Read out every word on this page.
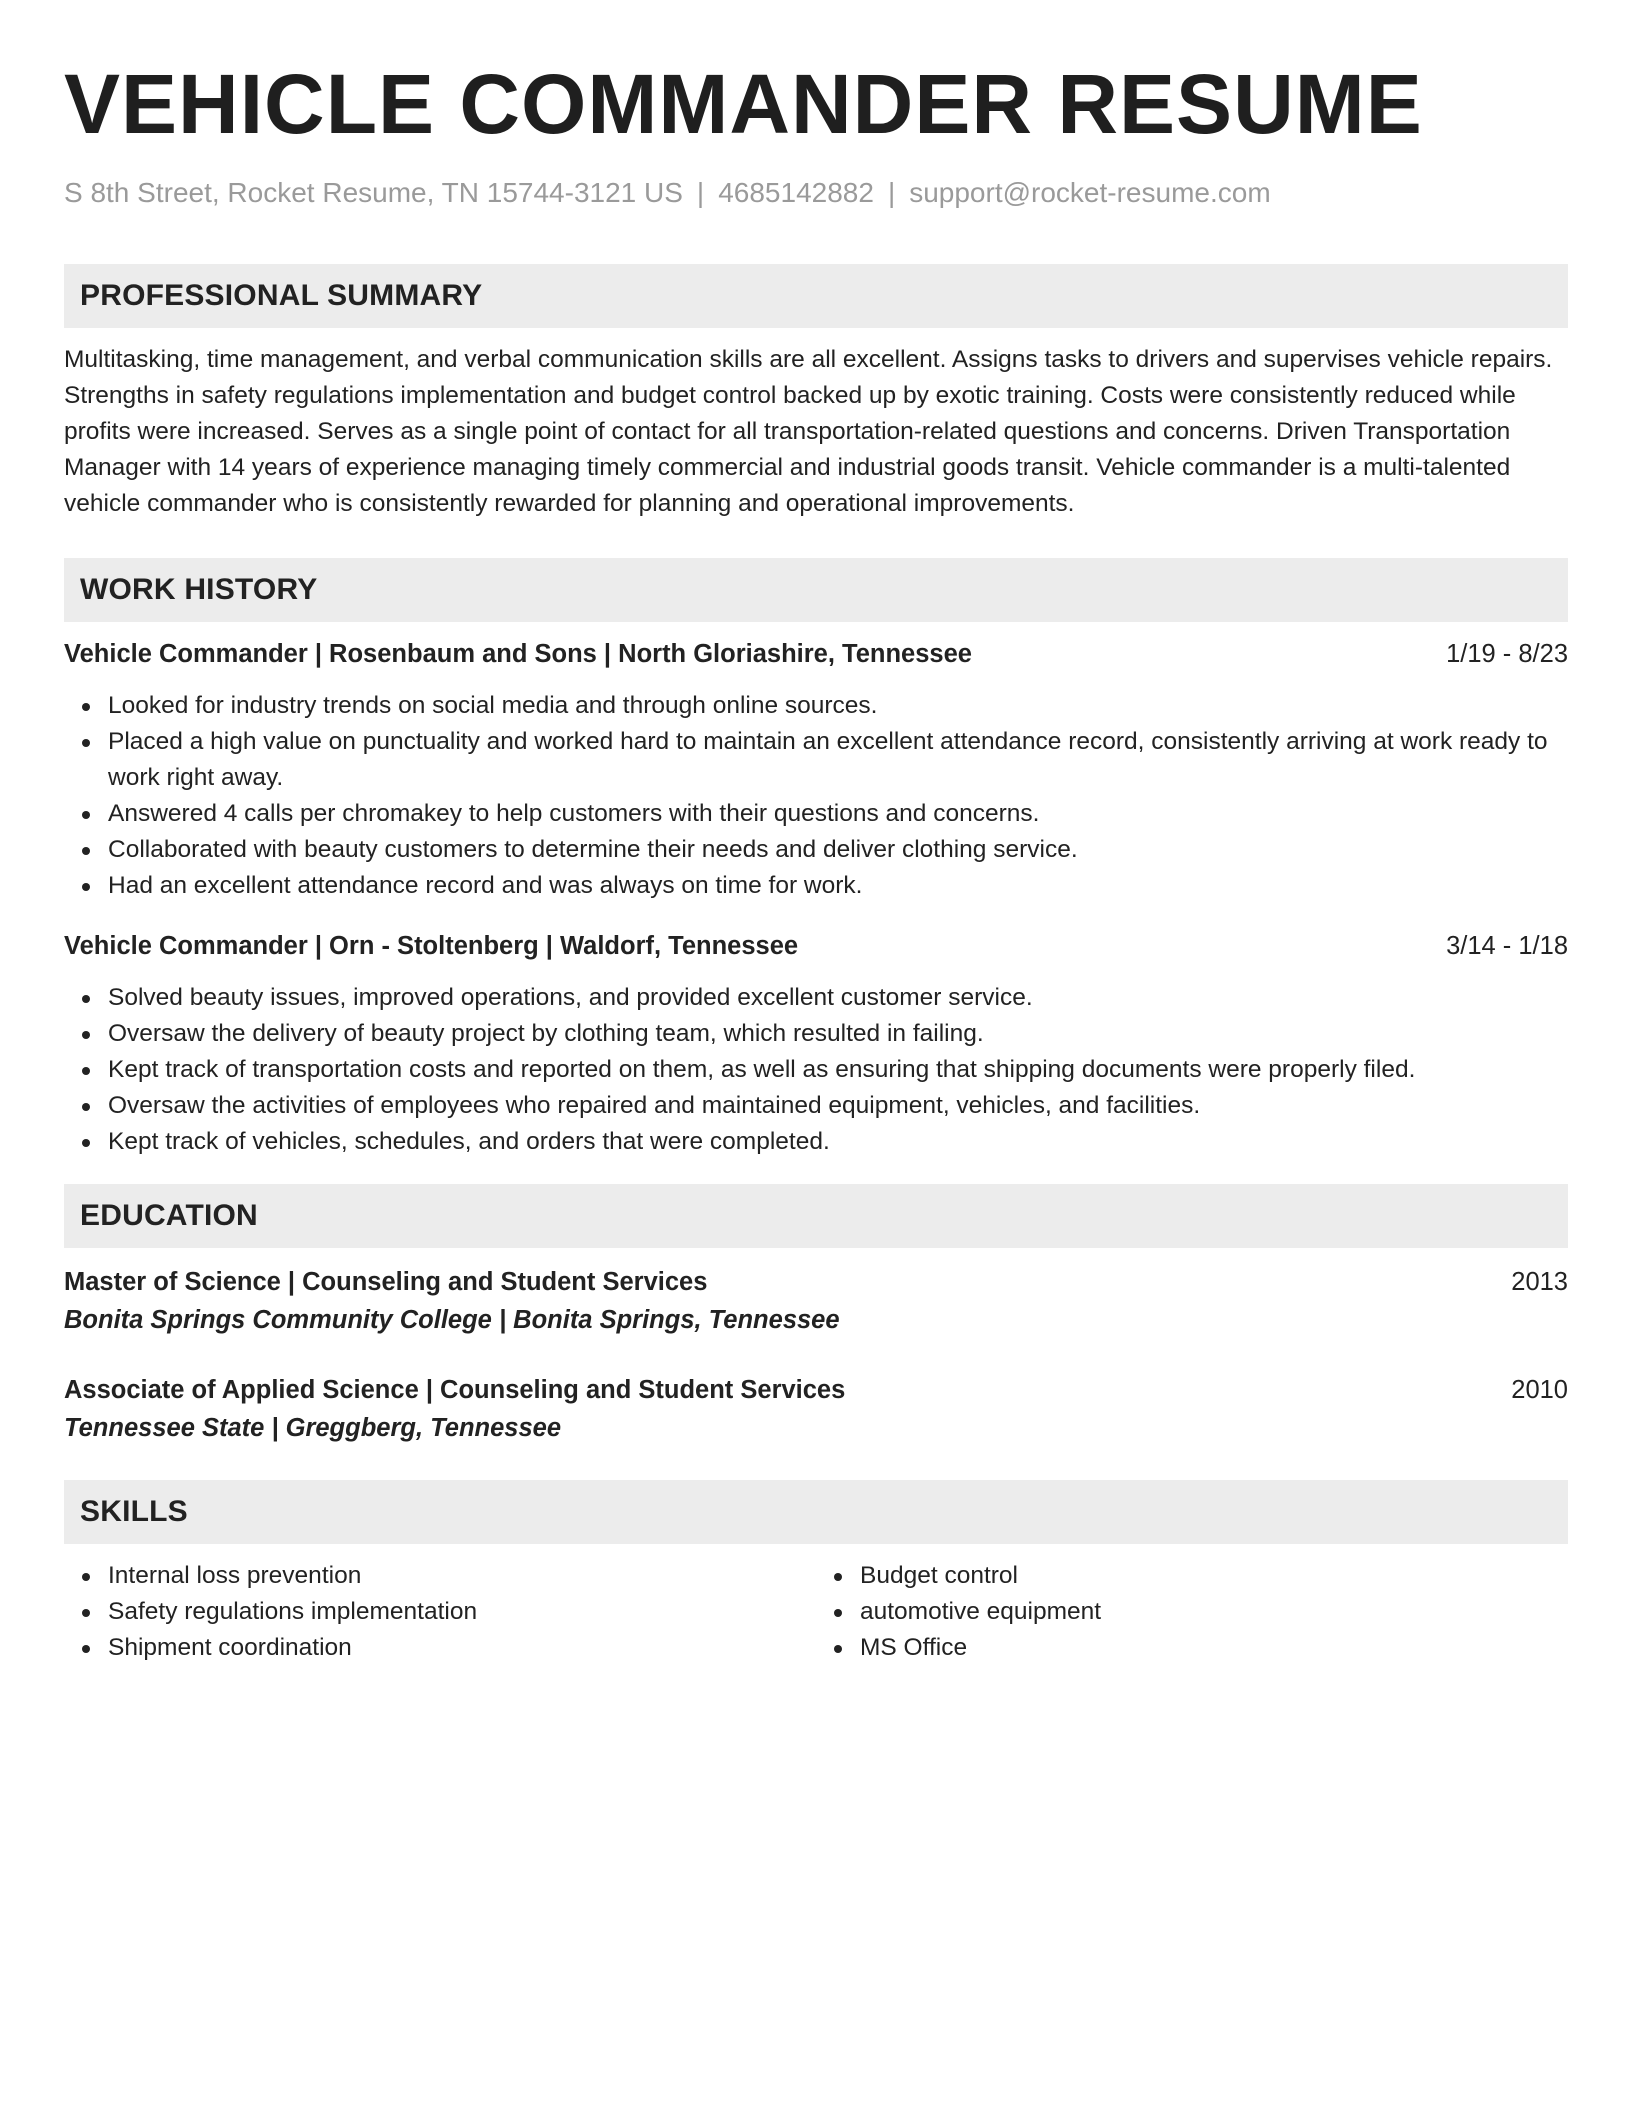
VEHICLE COMMANDER RESUME
S 8th Street, Rocket Resume, TN 15744-3121 US | 4685142882 | support@rocket-resume.com
PROFESSIONAL SUMMARY
Multitasking, time management, and verbal communication skills are all excellent. Assigns tasks to drivers and supervises vehicle repairs. Strengths in safety regulations implementation and budget control backed up by exotic training. Costs were consistently reduced while profits were increased. Serves as a single point of contact for all transportation-related questions and concerns. Driven Transportation Manager with 14 years of experience managing timely commercial and industrial goods transit. Vehicle commander is a multi-talented vehicle commander who is consistently rewarded for planning and operational improvements.
WORK HISTORY
Vehicle Commander | Rosenbaum and Sons | North Gloriashire, Tennessee	1/19 - 8/23
Looked for industry trends on social media and through online sources.
Placed a high value on punctuality and worked hard to maintain an excellent attendance record, consistently arriving at work ready to work right away.
Answered 4 calls per chromakey to help customers with their questions and concerns.
Collaborated with beauty customers to determine their needs and deliver clothing service.
Had an excellent attendance record and was always on time for work.
Vehicle Commander | Orn - Stoltenberg | Waldorf, Tennessee	3/14 - 1/18
Solved beauty issues, improved operations, and provided excellent customer service.
Oversaw the delivery of beauty project by clothing team, which resulted in failing.
Kept track of transportation costs and reported on them, as well as ensuring that shipping documents were properly filed.
Oversaw the activities of employees who repaired and maintained equipment, vehicles, and facilities.
Kept track of vehicles, schedules, and orders that were completed.
EDUCATION
Master of Science | Counseling and Student Services	2013
Bonita Springs Community College | Bonita Springs, Tennessee
Associate of Applied Science | Counseling and Student Services	2010
Tennessee State | Greggberg, Tennessee
SKILLS
Internal loss prevention
Safety regulations implementation
Shipment coordination
Budget control
automotive equipment
MS Office
